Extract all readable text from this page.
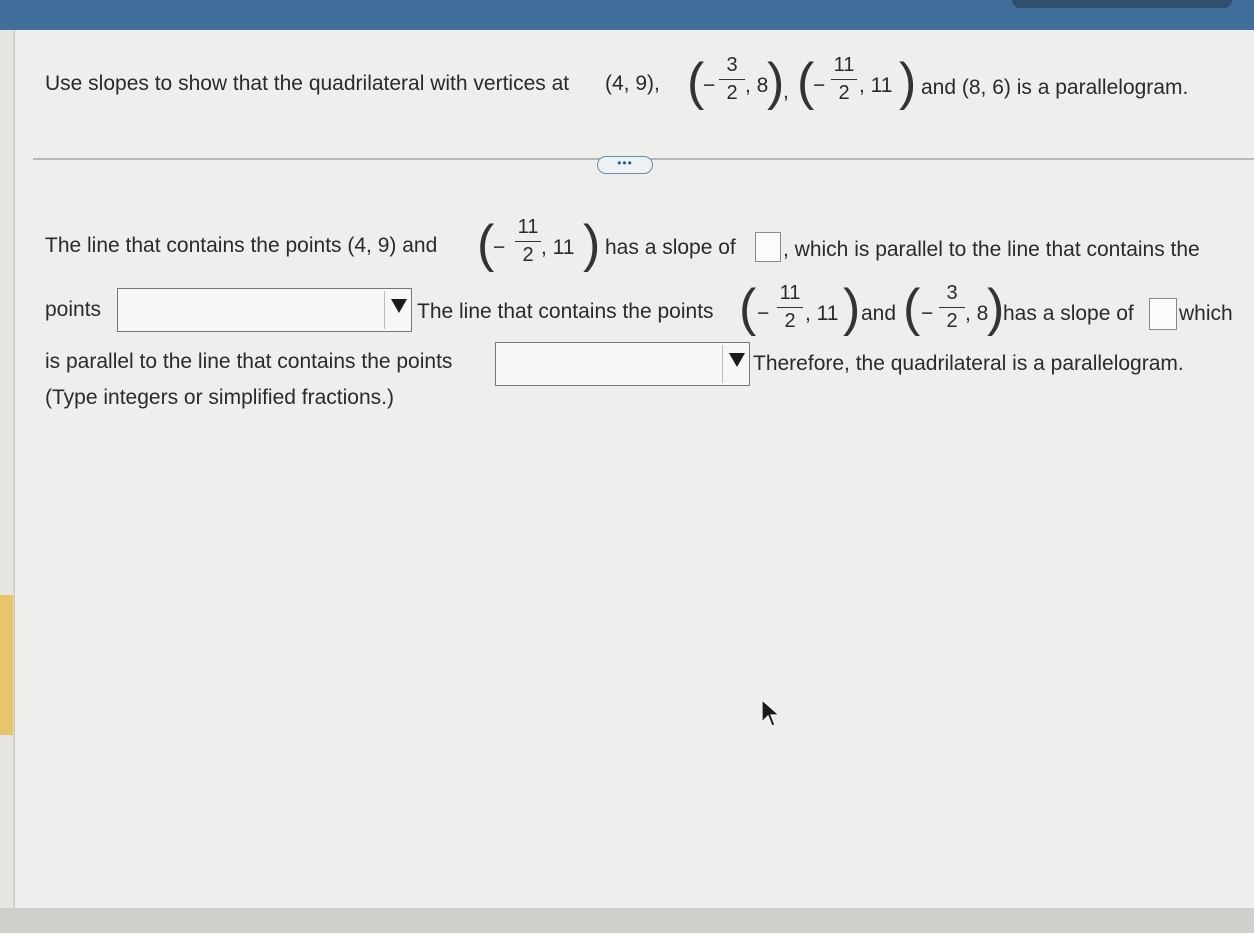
Use slopes to show that the quadrilateral with vertices at (4, 9), (
− $\frac{3}{2}$ , 8
)
, (
− $\frac{11}{2}$ , 11 ) and (8, 6) is a parallelogram.
•••
The line that contains the points (4, 9) and (
− $\frac{11}{2}$ , 11 ) has a slope of , which is parallel to the line that contains the
points	The line that contains the points ( − $\frac{11}{2}$ , 11 ) and ( − $\frac{3}{2}$ , 8
)
has a slope of which
is parallel to the line that contains the points	Therefore, the quadrilateral is a parallelogram.
(Type integers or simplified fractions.)
